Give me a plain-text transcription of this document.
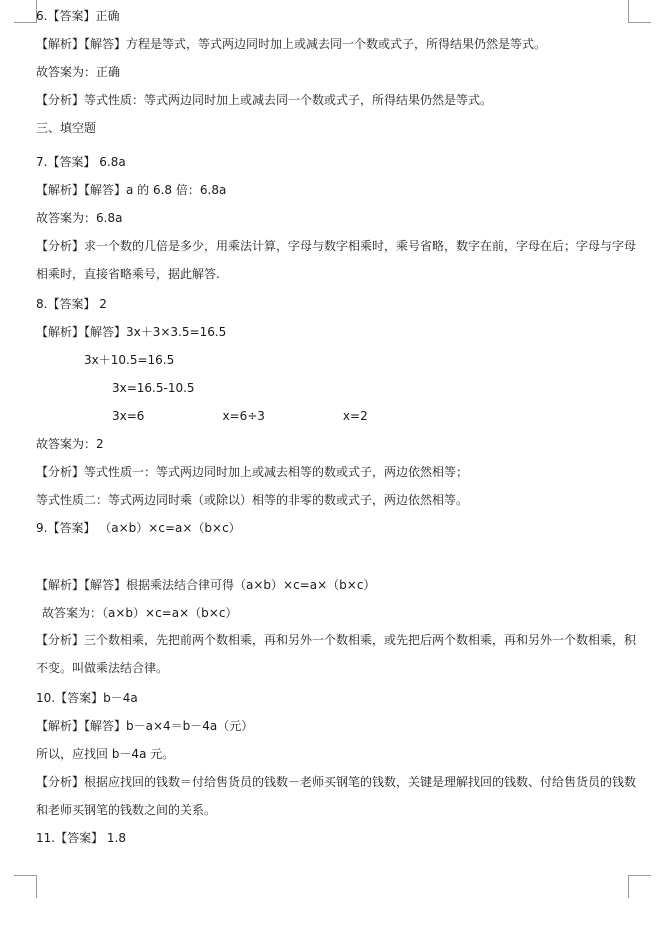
6.【答案】正确
【解析】【解答】方程是等式，等式两边同时加上或减去同一个数或式子，所得结果仍然是等式。
故答案为：正确
【分析】等式性质：等式两边同时加上或减去同一个数或式子，所得结果仍然是等式。
三、填空题
7.【答案】 6.8a
【解析】【解答】a 的 6.8 倍：6.8a
故答案为：6.8a
【分析】求一个数的几倍是多少，用乘法计算，字母与数字相乘时，乘号省略，数字在前，字母在后；字母与字母相乘时，直接省略乘号，据此解答.
8.【答案】 2
【解析】【解答】3x＋3×3.5=16.5
3x＋10.5=16.5
3x=16.5-10.5
3x=6	x=6÷3	x=2
故答案为：2
【分析】等式性质一：等式两边同时加上或减去相等的数或式子，两边依然相等；
等式性质二：等式两边同时乘（或除以）相等的非零的数或式子，两边依然相等。
9.【答案】 （a×b）×c=a×（b×c）
【解析】【解答】根据乘法结合律可得（a×b）×c=a×（b×c）
故答案为：（a×b）×c=a×（b×c）
【分析】三个数相乘，先把前两个数相乘，再和另外一个数相乘，或先把后两个数相乘，再和另外一个数相乘，积不变。叫做乘法结合律。
10.【答案】b－4a
【解析】【解答】b－a×4＝b－4a（元）
所以，应找回 b－4a 元。
【分析】根据应找回的钱数＝付给售货员的钱数－老师买钢笔的钱数，关键是理解找回的钱数、付给售货员的钱数和老师买钢笔的钱数之间的关系。
11.【答案】 1.8
